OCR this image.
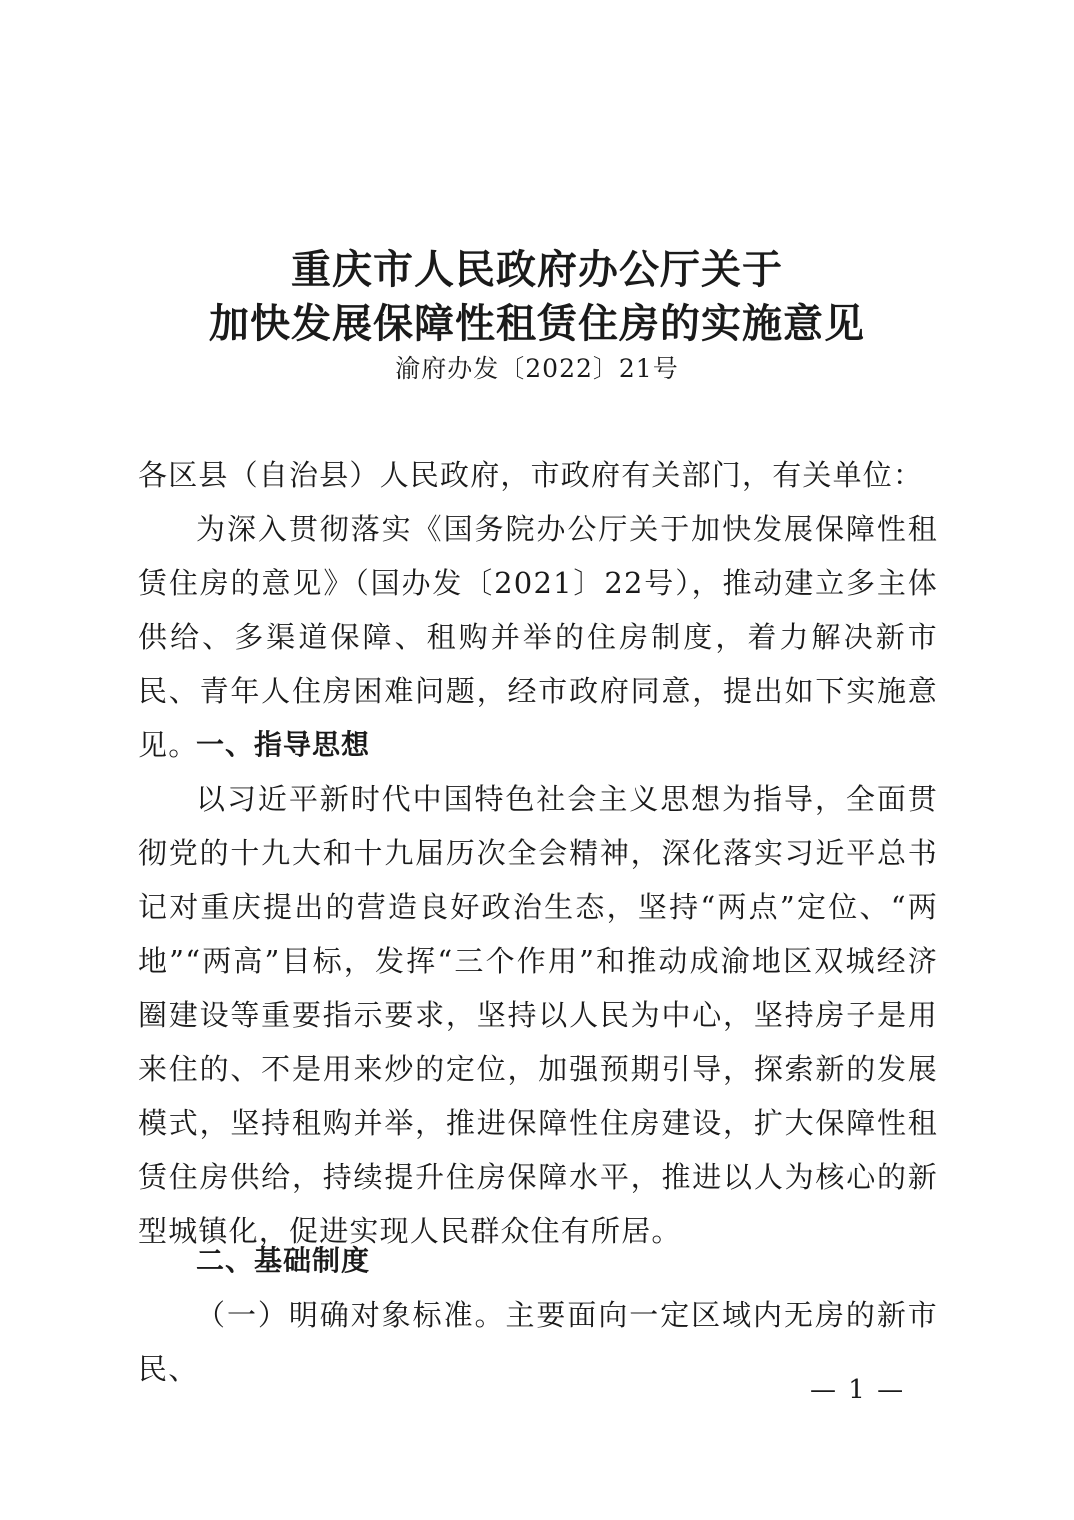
重庆市人民政府办公厅关于
加快发展保障性租赁住房的实施意见
渝府办发〔2022〕21号
各区县（自治县）人民政府，市政府有关部门，有关单位：
为深入贯彻落实《国务院办公厅关于加快发展保障性租赁住房的意见》（国办发〔2021〕22号），推动建立多主体供给、多渠道保障、租购并举的住房制度，着力解决新市民、青年人住房困难问题，经市政府同意，提出如下实施意见。
一、指导思想
以习近平新时代中国特色社会主义思想为指导，全面贯彻党的十九大和十九届历次全会精神，深化落实习近平总书记对重庆提出的营造良好政治生态，坚持“两点”定位、“两地”“两高”目标，发挥“三个作用”和推动成渝地区双城经济圈建设等重要指示要求，坚持以人民为中心，坚持房子是用来住的、不是用来炒的定位，加强预期引导，探索新的发展模式，坚持租购并举，推进保障性住房建设，扩大保障性租赁住房供给，持续提升住房保障水平，推进以人为核心的新型城镇化，促进实现人民群众住有所居。
二、基础制度
（一）明确对象标准。主要面向一定区域内无房的新市民、
— 1 —
